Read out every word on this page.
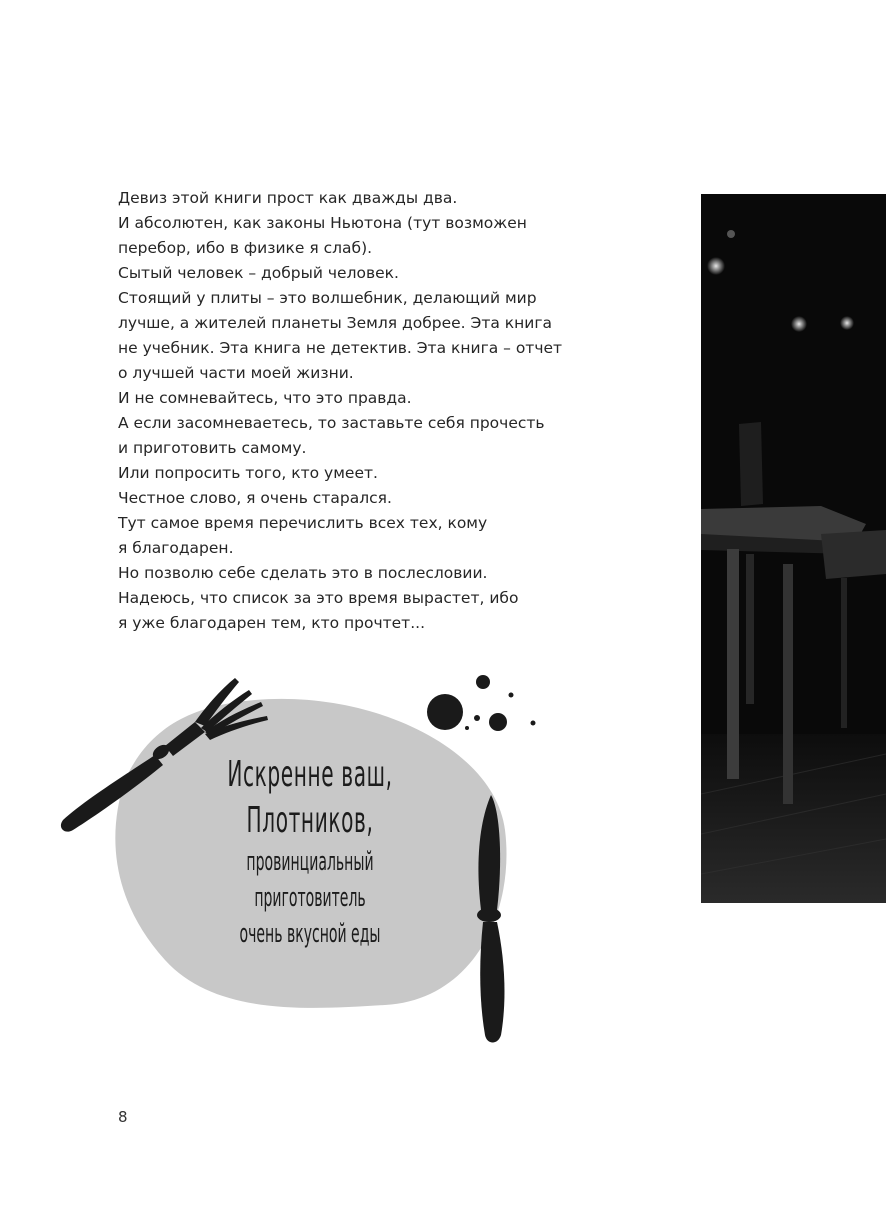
Девиз этой книги прост как дважды два.
И абсолютен, как законы Ньютона (тут возможен
перебор, ибо в физике я слаб).
Сытый человек – добрый человек.
Стоящий у плиты – это волшебник, делающий мир
лучше, а жителей планеты Земля добрее. Эта книга
не учебник. Эта книга не детектив. Эта книга – отчет
о лучшей части моей жизни.
И не сомневайтесь, что это правда.
А если засомневаетесь, то заставьте себя прочесть
и приготовить самому.
Или попросить того, кто умеет.
Честное слово, я очень старался.
Тут самое время перечислить всех тех, кому
я благодарен.
Но позволю себе сделать это в послесловии.
Надеюсь, что список за это время вырастет, ибо
я уже благодарен тем, кто прочтет...
Искренне ваш,
Плотников,
провинциальный приготовитель
очень вкусной еды
8
